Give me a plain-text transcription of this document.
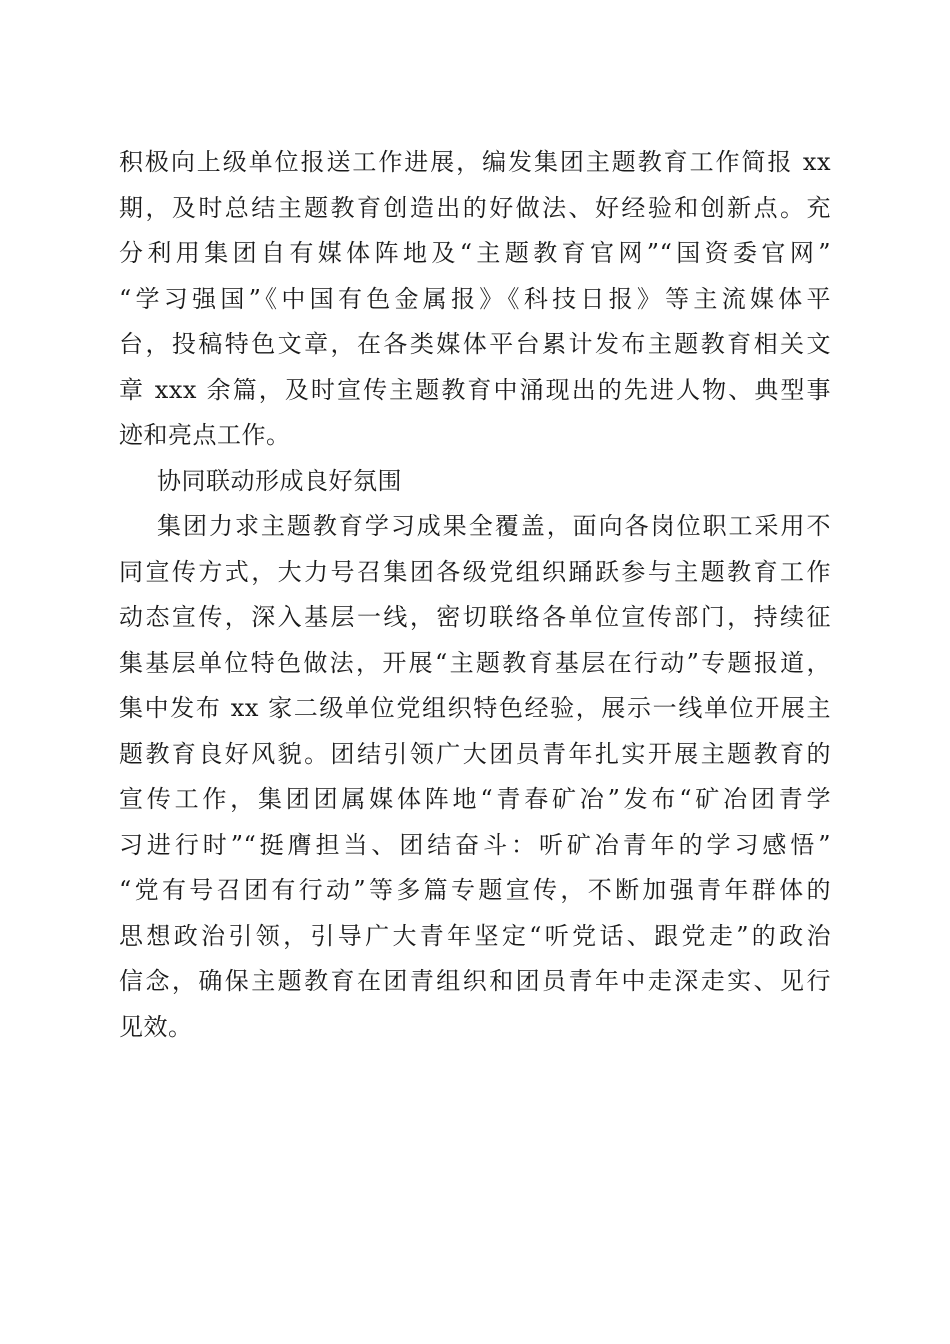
积极向上级单位报送工作进展，编发集团主题教育工作简报 xx
期，及时总结主题教育创造出的好做法、好经验和创新点。充
分利用集团自有媒体阵地及“主题教育官网”“国资委官网”
“学习强国”《中国有色金属报》《科技日报》等主流媒体平
台，投稿特色文章，在各类媒体平台累计发布主题教育相关文
章 xxx 余篇，及时宣传主题教育中涌现出的先进人物、典型事
迹和亮点工作。
协同联动形成良好氛围
集团力求主题教育学习成果全覆盖，面向各岗位职工采用不
同宣传方式，大力号召集团各级党组织踊跃参与主题教育工作
动态宣传，深入基层一线，密切联络各单位宣传部门，持续征
集基层单位特色做法，开展“主题教育基层在行动”专题报道，
集中发布 xx 家二级单位党组织特色经验，展示一线单位开展主
题教育良好风貌。团结引领广大团员青年扎实开展主题教育的
宣传工作，集团团属媒体阵地“青春矿冶”发布“矿冶团青学
习进行时”“挺膺担当、团结奋斗：听矿冶青年的学习感悟”
“党有号召团有行动”等多篇专题宣传，不断加强青年群体的
思想政治引领，引导广大青年坚定“听党话、跟党走”的政治
信念，确保主题教育在团青组织和团员青年中走深走实、见行
见效。
